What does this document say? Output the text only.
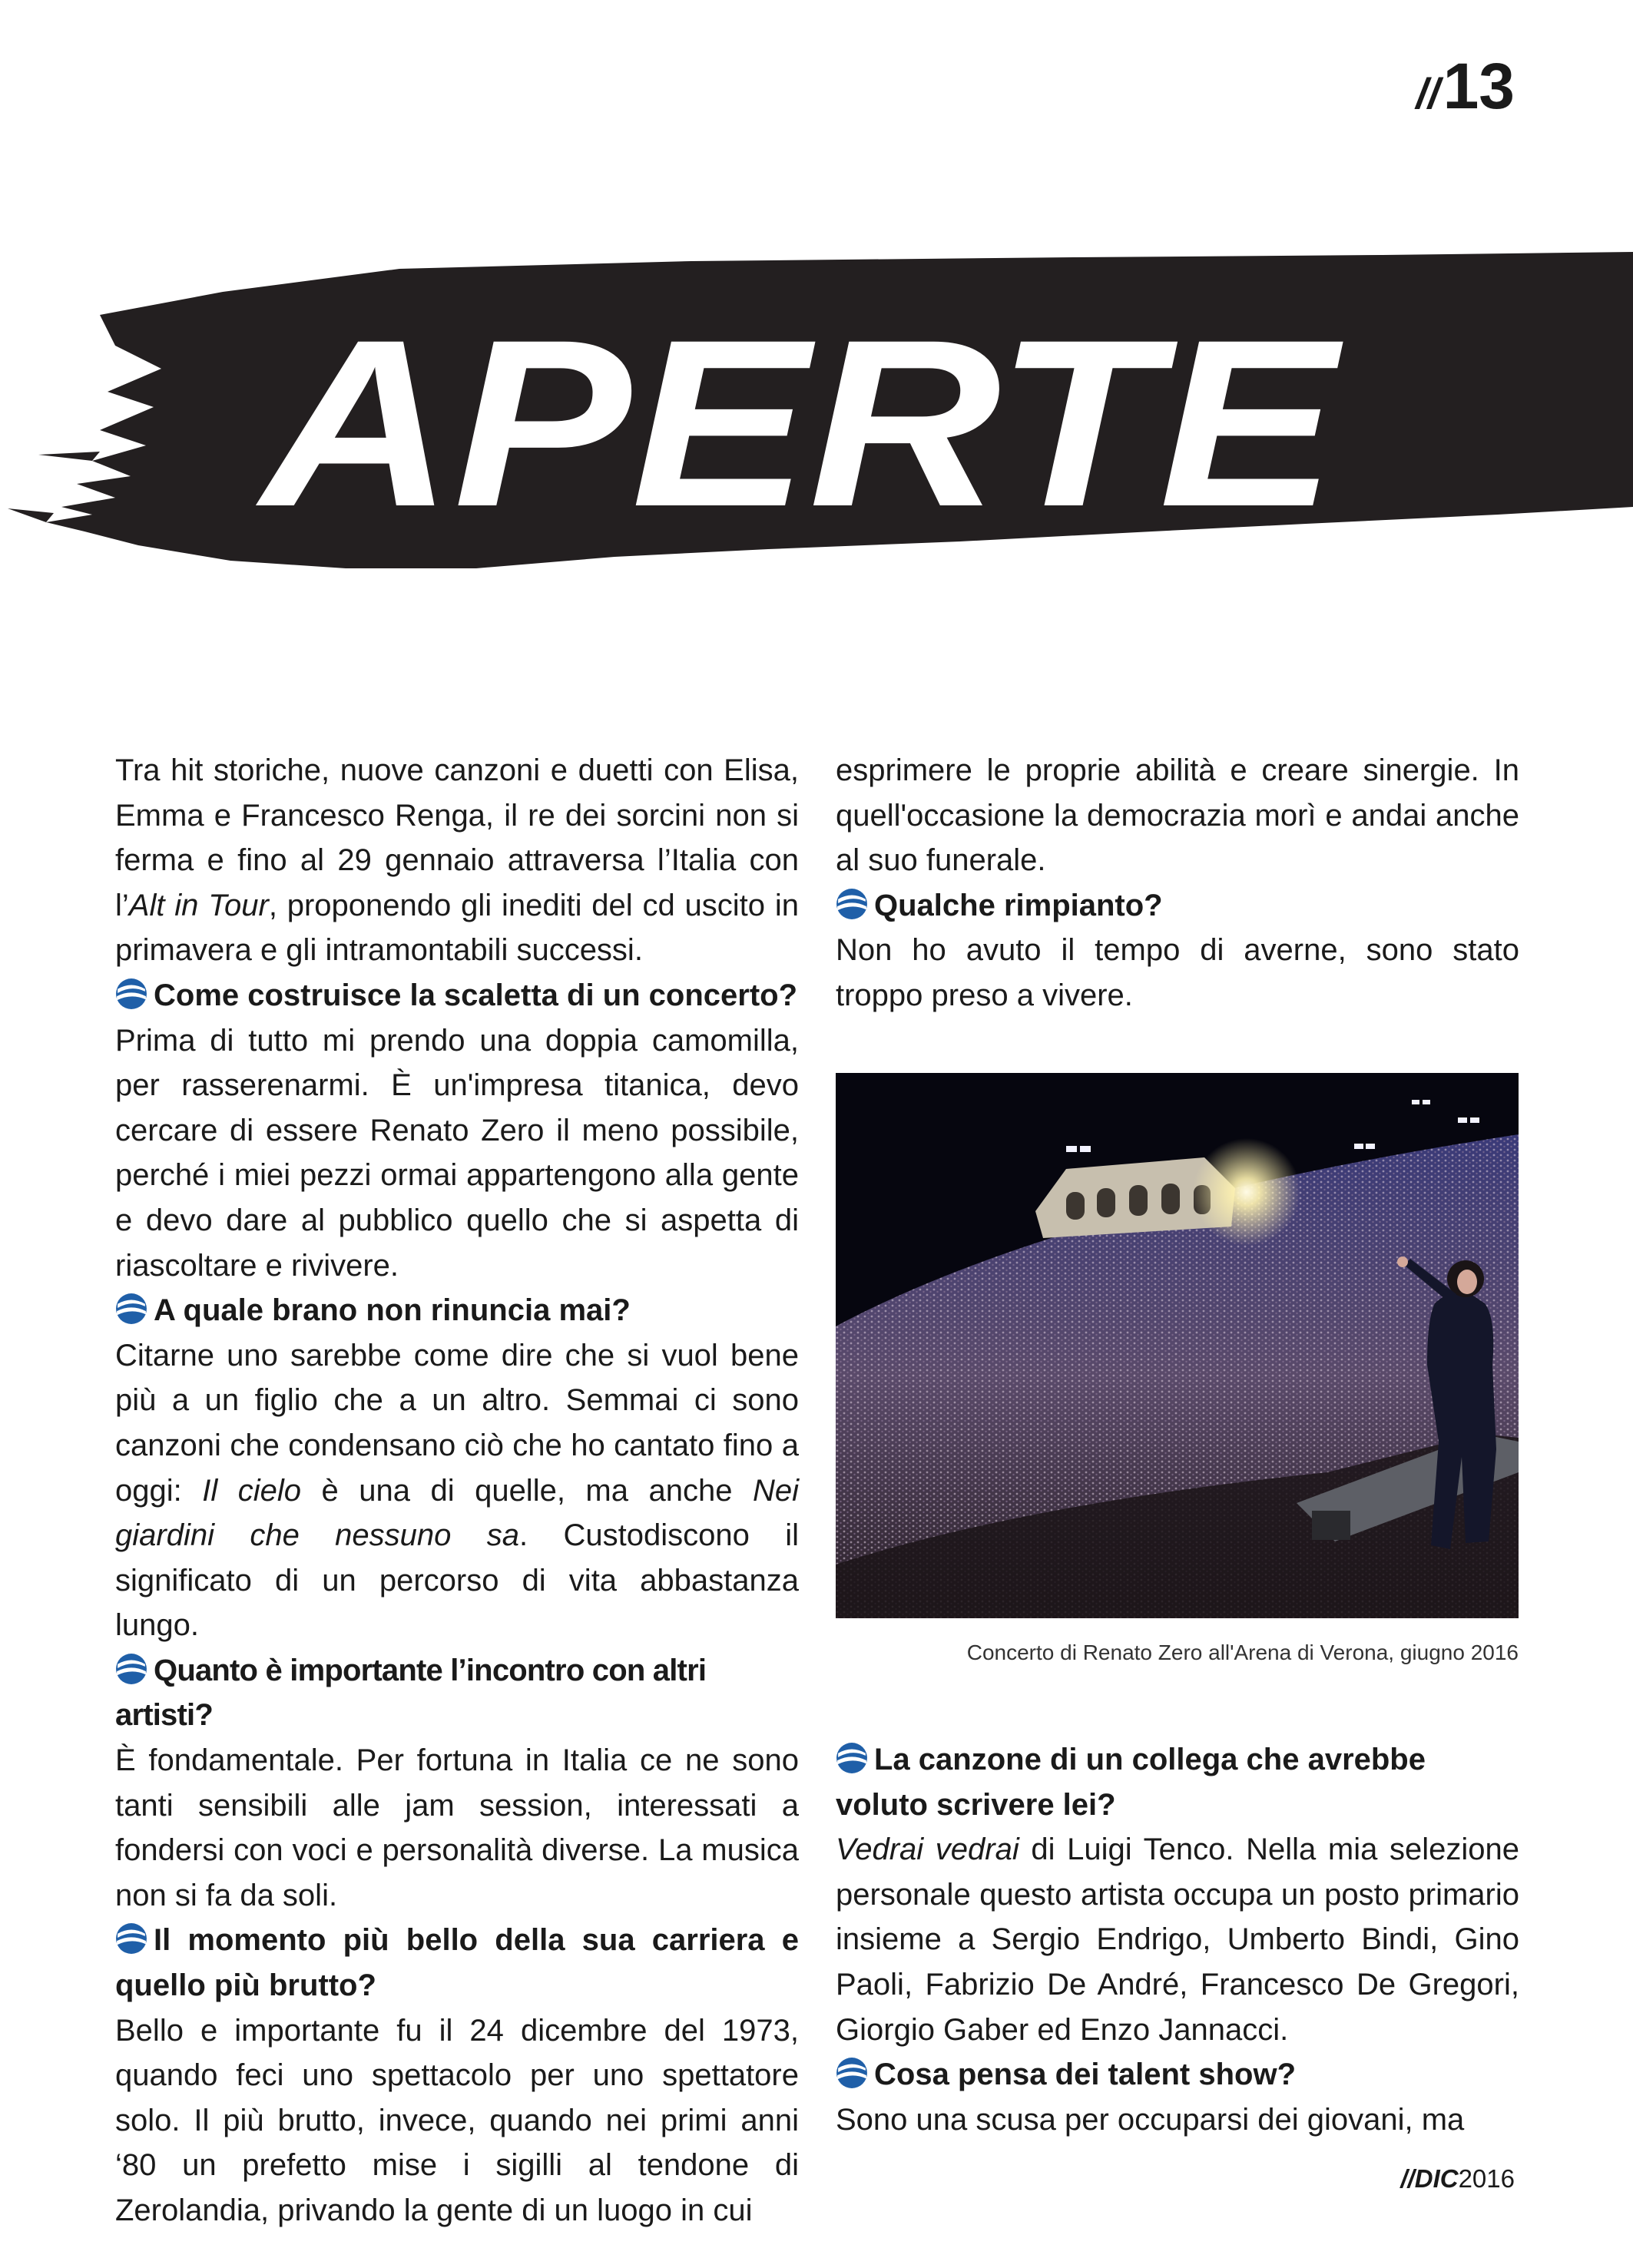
//13
APERTE

Tra hit storiche, nuove canzoni e duetti con Elisa, Emma e Francesco Renga, il re dei sorcini non si ferma e fino al 29 gennaio attraversa l’Italia con l’Alt in Tour, proponendo gli inediti del cd uscito in primavera e gli intramontabili successi.

Come costruisce la scaletta di un concerto?

Prima di tutto mi prendo una doppia camomilla, per rasserenarmi. È un'impresa titanica, devo cercare di essere Renato Zero il meno possibile, perché i miei pezzi ormai appartengono alla gente e devo dare al pubblico quello che si aspetta di riascoltare e rivivere.

A quale brano non rinuncia mai?

Citarne uno sarebbe come dire che si vuol bene più a un figlio che a un altro. Semmai ci sono canzoni che condensano ciò che ho cantato fino a oggi: Il cielo è una di quelle, ma anche Nei giardini che nessuno sa. Custodiscono il significato di un percorso di vita abbastanza lungo.

Quanto è importante l’incontro con altri artisti?

È fondamentale. Per fortuna in Italia ce ne sono tanti sensibili alle jam session, interessati a fondersi con voci e personalità diverse. La musica non si fa da soli.

Il momento più bello della sua carriera e quello più brutto?

Bello e importante fu il 24 dicembre del 1973, quando feci uno spettacolo per uno spettatore solo. Il più brutto, invece, quando nei primi anni ‘80 un prefetto mise i sigilli al tendone di Zerolandia, privando la gente di un luogo in cui

esprimere le proprie abilità e creare sinergie. In quell'occasione la democrazia morì e andai anche al suo funerale.

Qualche rimpianto?

Non ho avuto il tempo di averne, sono stato troppo preso a vivere.

Concerto di Renato Zero all'Arena di Verona, giugno 2016

La canzone di un collega che avrebbe voluto scrivere lei?

Vedrai vedrai di Luigi Tenco. Nella mia selezione personale questo artista occupa un posto primario insieme a Sergio Endrigo, Umberto Bindi, Gino Paoli, Fabrizio De André, Francesco De Gregori, Giorgio Gaber ed Enzo Jannacci.

Cosa pensa dei talent show?

Sono una scusa per occuparsi dei giovani, ma

//DIC2016
